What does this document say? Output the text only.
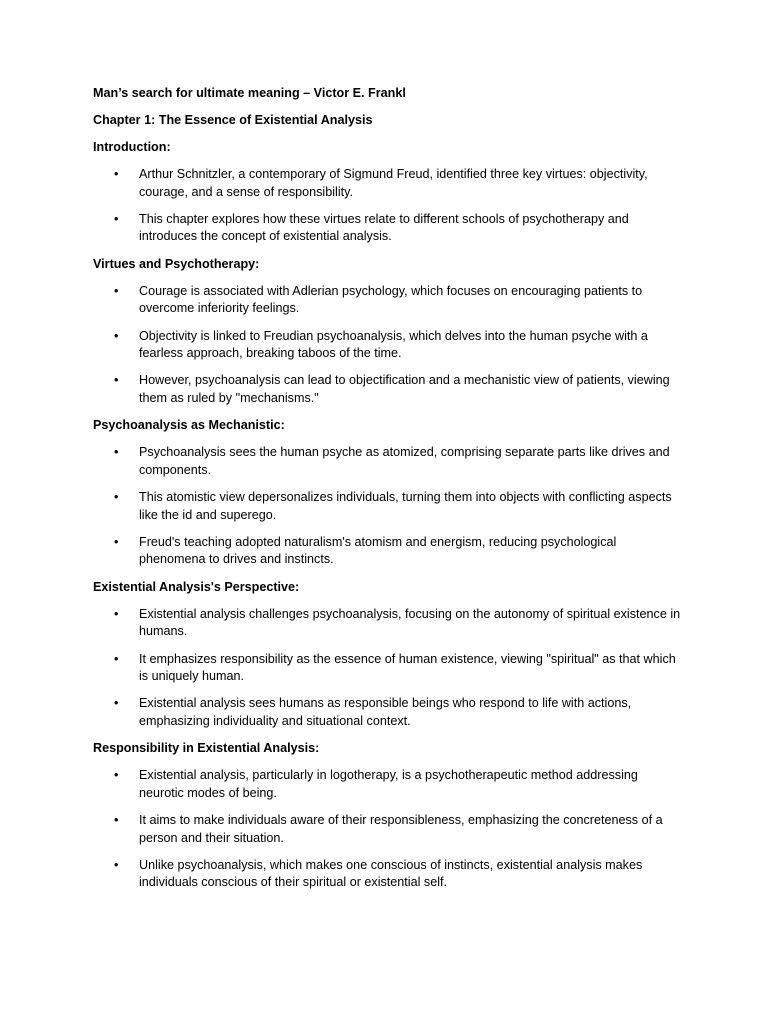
Man’s search for ultimate meaning – Victor E. Frankl

Chapter 1: The Essence of Existential Analysis

Introduction:

• Arthur Schnitzler, a contemporary of Sigmund Freud, identified three key virtues: objectivity, courage, and a sense of responsibility.
• This chapter explores how these virtues relate to different schools of psychotherapy and introduces the concept of existential analysis.

Virtues and Psychotherapy:

• Courage is associated with Adlerian psychology, which focuses on encouraging patients to overcome inferiority feelings.
• Objectivity is linked to Freudian psychoanalysis, which delves into the human psyche with a fearless approach, breaking taboos of the time.
• However, psychoanalysis can lead to objectification and a mechanistic view of patients, viewing them as ruled by "mechanisms."

Psychoanalysis as Mechanistic:

• Psychoanalysis sees the human psyche as atomized, comprising separate parts like drives and components.
• This atomistic view depersonalizes individuals, turning them into objects with conflicting aspects like the id and superego.
• Freud's teaching adopted naturalism's atomism and energism, reducing psychological phenomena to drives and instincts.

Existential Analysis's Perspective:

• Existential analysis challenges psychoanalysis, focusing on the autonomy of spiritual existence in humans.
• It emphasizes responsibility as the essence of human existence, viewing "spiritual" as that which is uniquely human.
• Existential analysis sees humans as responsible beings who respond to life with actions, emphasizing individuality and situational context.

Responsibility in Existential Analysis:

• Existential analysis, particularly in logotherapy, is a psychotherapeutic method addressing neurotic modes of being.
• It aims to make individuals aware of their responsibleness, emphasizing the concreteness of a person and their situation.
• Unlike psychoanalysis, which makes one conscious of instincts, existential analysis makes individuals conscious of their spiritual or existential self.
